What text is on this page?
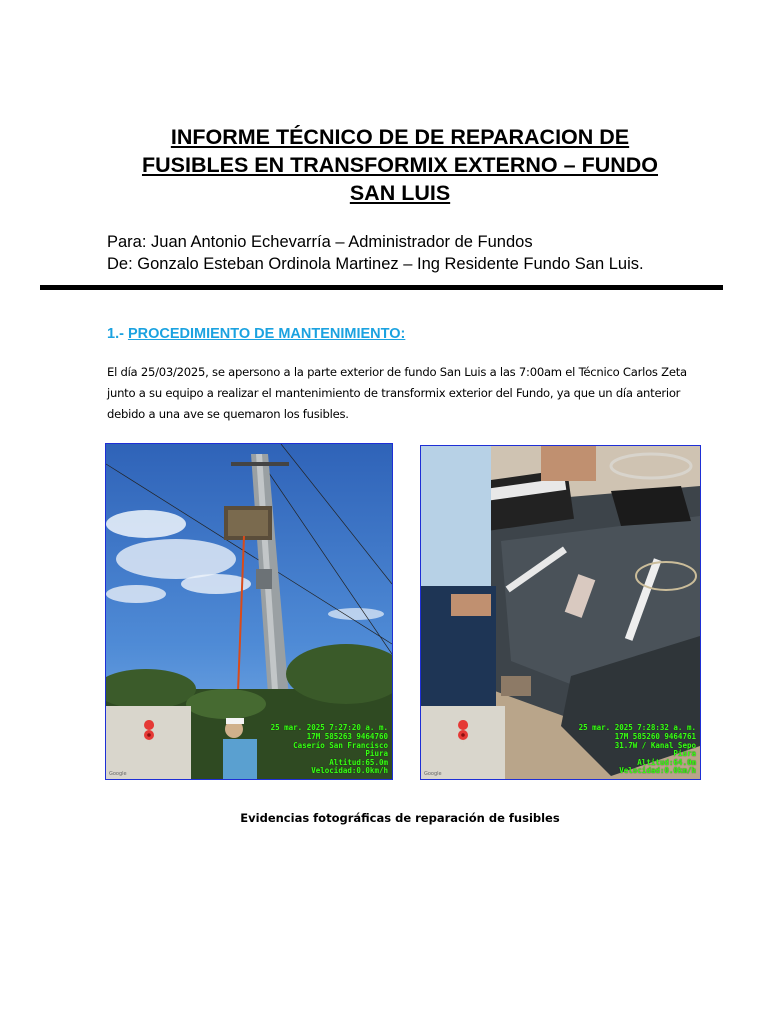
INFORME TÉCNICO DE DE REPARACION DE
FUSIBLES EN TRANSFORMIX EXTERNO – FUNDO
SAN LUIS
Para: Juan Antonio Echevarría – Administrador de Fundos
De: Gonzalo Esteban Ordinola Martinez – Ing Residente Fundo San Luis.
1.- PROCEDIMIENTO DE MANTENIMIENTO:
El día 25/03/2025, se apersono a la parte exterior de fundo San Luis a las 7:00am el Técnico Carlos Zeta
junto a su equipo a realizar el mantenimiento de transformix exterior del Fundo, ya que un día anterior
debido a una ave se quemaron los fusibles.
Google
25 mar. 2025 7:27:20 a. m.
17M 585263 9464760
Caserío San Francisco
Piura
Altitud:65.0m
Velocidad:0.0km/h	Google
25 mar. 2025 7:28:32 a. m.
17M 585260 9464761
31.7W / Kanal Sepo
Piura
Altitud:64.0m
Velocidad:0.0km/h
Evidencias fotográficas de reparación de fusibles
